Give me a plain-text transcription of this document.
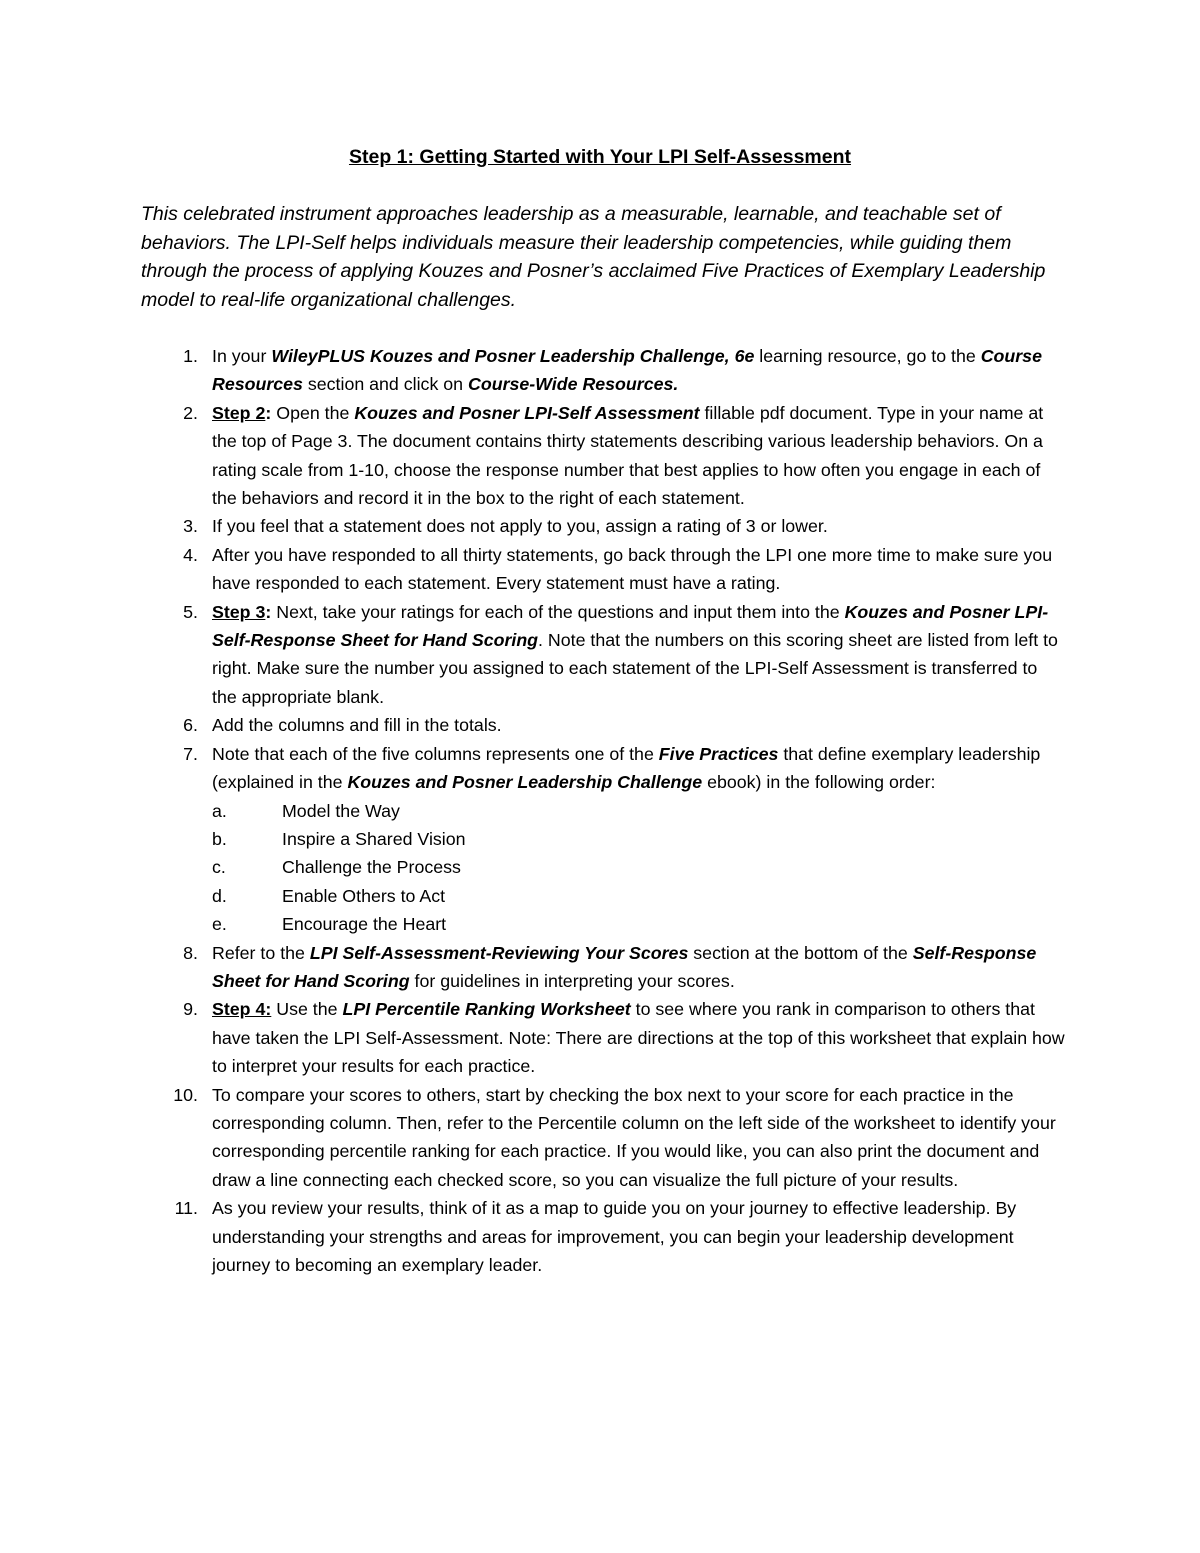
Step 1: Getting Started with Your LPI Self-Assessment
This celebrated instrument approaches leadership as a measurable, learnable, and teachable set of behaviors. The LPI-Self helps individuals measure their leadership competencies, while guiding them through the process of applying Kouzes and Posner’s acclaimed Five Practices of Exemplary Leadership model to real-life organizational challenges.
1. In your WileyPLUS Kouzes and Posner Leadership Challenge, 6e learning resource, go to the Course Resources section and click on Course-Wide Resources.
2. Step 2: Open the Kouzes and Posner LPI-Self Assessment fillable pdf document. Type in your name at the top of Page 3. The document contains thirty statements describing various leadership behaviors. On a rating scale from 1-10, choose the response number that best applies to how often you engage in each of the behaviors and record it in the box to the right of each statement.
3. If you feel that a statement does not apply to you, assign a rating of 3 or lower.
4. After you have responded to all thirty statements, go back through the LPI one more time to make sure you have responded to each statement. Every statement must have a rating.
5. Step 3: Next, take your ratings for each of the questions and input them into the Kouzes and Posner LPI- Self-Response Sheet for Hand Scoring. Note that the numbers on this scoring sheet are listed from left to right. Make sure the number you assigned to each statement of the LPI-Self Assessment is transferred to the appropriate blank.
6. Add the columns and fill in the totals.
7. Note that each of the five columns represents one of the Five Practices that define exemplary leadership (explained in the Kouzes and Posner Leadership Challenge ebook) in the following order:
a.	Model the Way
b.	Inspire a Shared Vision
c.	Challenge the Process
d.	Enable Others to Act
e.	Encourage the Heart
8. Refer to the LPI Self-Assessment-Reviewing Your Scores section at the bottom of the Self-Response Sheet for Hand Scoring for guidelines in interpreting your scores.
9. Step 4: Use the LPI Percentile Ranking Worksheet to see where you rank in comparison to others that have taken the LPI Self-Assessment. Note: There are directions at the top of this worksheet that explain how to interpret your results for each practice.
10. To compare your scores to others, start by checking the box next to your score for each practice in the corresponding column. Then, refer to the Percentile column on the left side of the worksheet to identify your corresponding percentile ranking for each practice. If you would like, you can also print the document and draw a line connecting each checked score, so you can visualize the full picture of your results.
11. As you review your results, think of it as a map to guide you on your journey to effective leadership. By understanding your strengths and areas for improvement, you can begin your leadership development journey to becoming an exemplary leader.
